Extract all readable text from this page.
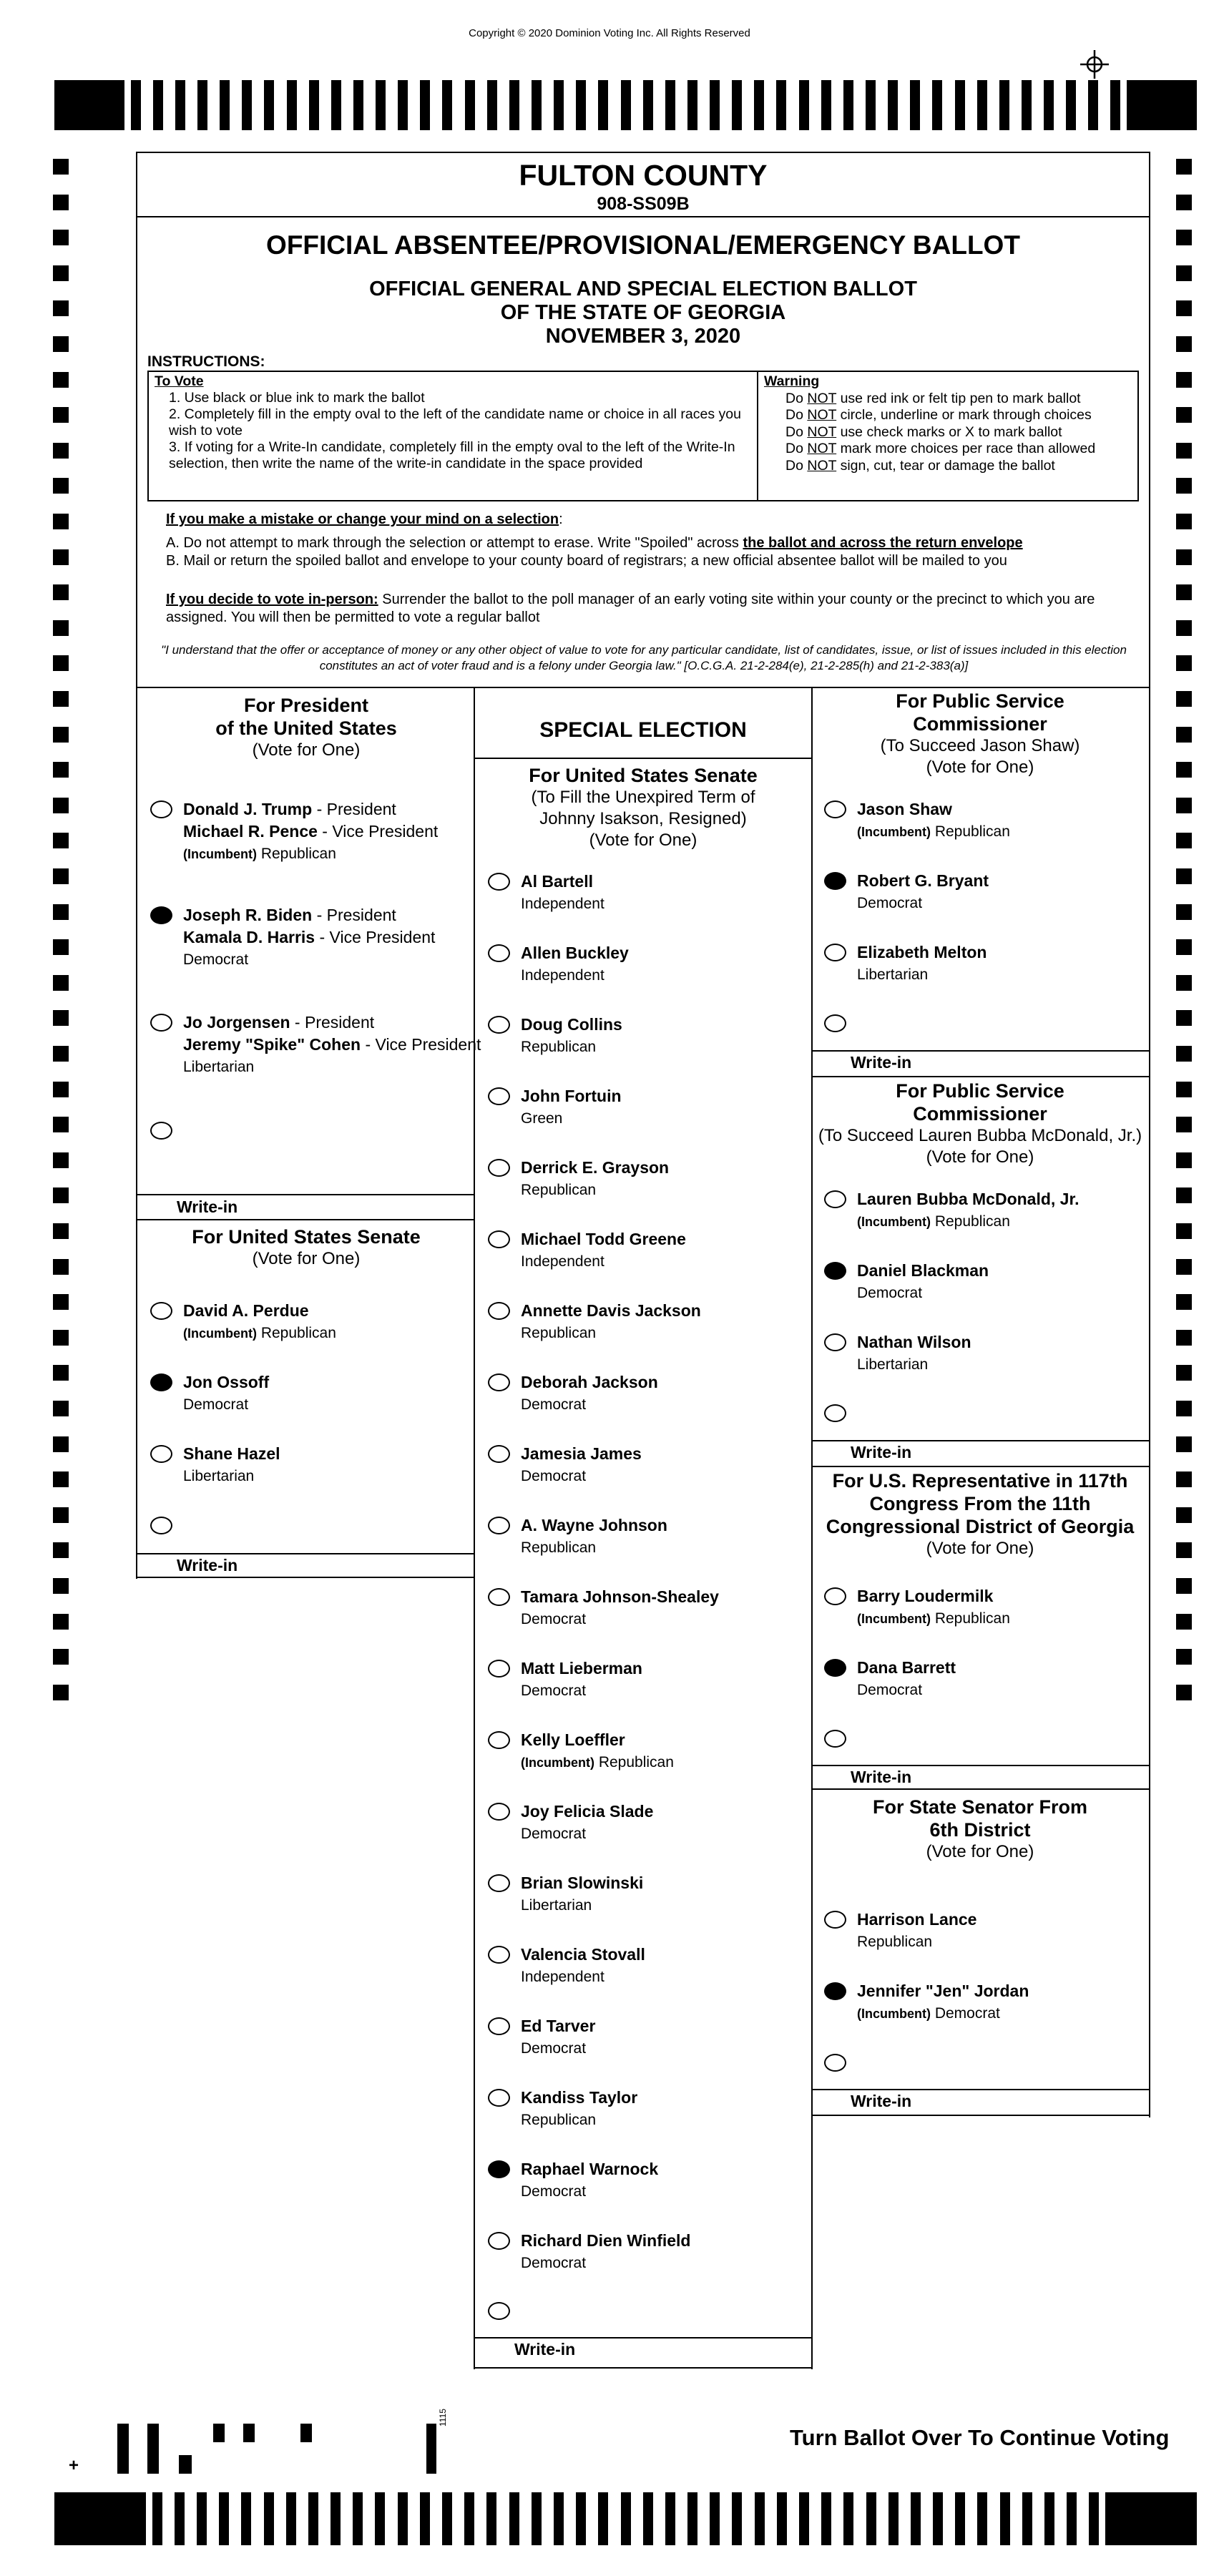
Copyright © 2020 Dominion Voting Inc. All Rights Reserved
FULTON COUNTY
908-SS09B
OFFICIAL ABSENTEE/PROVISIONAL/EMERGENCY BALLOT
OFFICIAL GENERAL AND SPECIAL ELECTION BALLOT
OF THE STATE OF GEORGIA
NOVEMBER 3, 2020
INSTRUCTIONS:
To Vote
1. Use black or blue ink to mark the ballot
2. Completely fill in the empty oval to the left of the candidate name or choice in all races you wish to vote
3. If voting for a Write-In candidate, completely fill in the empty oval to the left of the Write-In selection, then write the name of the write-in candidate in the space provided
Warning
Do NOT use red ink or felt tip pen to mark ballot
Do NOT circle, underline or mark through choices
Do NOT use check marks or X to mark ballot
Do NOT mark more choices per race than allowed
Do NOT sign, cut, tear or damage the ballot
If you make a mistake or change your mind on a selection:
A. Do not attempt to mark through the selection or attempt to erase. Write "Spoiled" across the ballot and across the return envelope
B. Mail or return the spoiled ballot and envelope to your county board of registrars; a new official absentee ballot will be mailed to you
If you decide to vote in-person: Surrender the ballot to the poll manager of an early voting site within your county or the precinct to which you are assigned. You will then be permitted to vote a regular ballot
"I understand that the offer or acceptance of money or any other object of value to vote for any particular candidate, list of candidates, issue, or list of issues included in this election constitutes an act of voter fraud and is a felony under Georgia law." [O.C.G.A. 21-2-284(e), 21-2-285(h) and 21-2-383(a)]
For President
of the United States
(Vote for One)
Donald J. Trump - President
Michael R. Pence - Vice President
(Incumbent) Republican
Joseph R. Biden - President
Kamala D. Harris - Vice President
Democrat
Jo Jorgensen - President
Jeremy "Spike" Cohen - Vice President
Libertarian
Write-in
For United States Senate
(Vote for One)
David A. Perdue
(Incumbent) Republican
Jon Ossoff
Democrat
Shane Hazel
Libertarian
Write-in
SPECIAL ELECTION
For United States Senate
(To Fill the Unexpired Term of
Johnny Isakson, Resigned)
(Vote for One)
Al Bartell
Independent
Allen Buckley
Independent
Doug Collins
Republican
John Fortuin
Green
Derrick E. Grayson
Republican
Michael Todd Greene
Independent
Annette Davis Jackson
Republican
Deborah Jackson
Democrat
Jamesia James
Democrat
A. Wayne Johnson
Republican
Tamara Johnson-Shealey
Democrat
Matt Lieberman
Democrat
Kelly Loeffler
(Incumbent) Republican
Joy Felicia Slade
Democrat
Brian Slowinski
Libertarian
Valencia Stovall
Independent
Ed Tarver
Democrat
Kandiss Taylor
Republican
Raphael Warnock
Democrat
Richard Dien Winfield
Democrat
Write-in
For Public Service
Commissioner
(To Succeed Jason Shaw)
(Vote for One)
Jason Shaw
(Incumbent) Republican
Robert G. Bryant
Democrat
Elizabeth Melton
Libertarian
Write-in
For Public Service
Commissioner
(To Succeed Lauren Bubba McDonald, Jr.)
(Vote for One)
Lauren Bubba McDonald, Jr.
(Incumbent) Republican
Daniel Blackman
Democrat
Nathan Wilson
Libertarian
Write-in
For U.S. Representative in 117th
Congress From the 11th
Congressional District of Georgia
(Vote for One)
Barry Loudermilk
(Incumbent) Republican
Dana Barrett
Democrat
Write-in
For State Senator From
6th District
(Vote for One)
Harrison Lance
Republican
Jennifer "Jen" Jordan
(Incumbent) Democrat
Write-in
+
1115
Turn Ballot Over To Continue Voting
